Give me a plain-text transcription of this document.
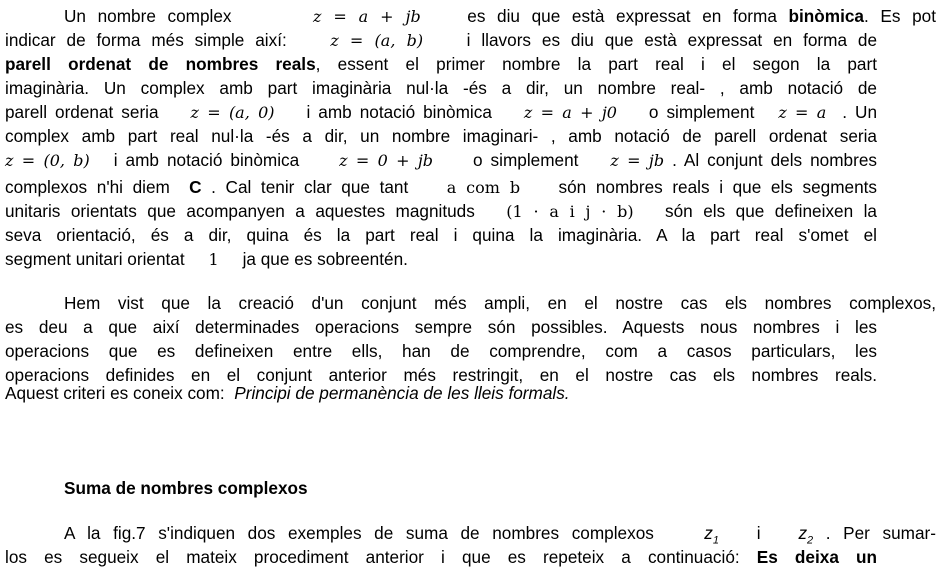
Un nombre complex	z = a + jb	es diu que està expressat en forma binòmica. Es pot
indicar de forma més simple així:	z = (a, b)	i llavors es diu que està expressat en forma de
parell ordenat de nombres reals, essent el primer nombre la part real i el segon la part
imaginària. Un complex amb part imaginària nul·la -és a dir, un nombre real- , amb notació de
parell ordenat seria z = (a, 0) i amb notació binòmica z = a + j0 o simplement z = a . Un
complex amb part real nul·la -és a dir, un nombre imaginari- , amb notació de parell ordenat seria
z = (0, b) i amb notació binòmica z = 0 + jb o simplement z = jb . Al conjunt dels nombres
complexos n'hi diem C . Cal tenir clar que tant a com b són nombres reals i que els segments
unitaris orientats que acompanyen a aquestes magnituds (1 · a i j · b) són els que defineixen la
seva orientació, és a dir, quina és la part real i quina la imaginària. A la part real s'omet el
segment unitari orientat 1 ja que es sobreentén.
Hem vist que la creació d'un conjunt més ampli, en el nostre cas els nombres complexos,
es deu a que així determinades operacions sempre són possibles. Aquests nous nombres i les
operacions que es defineixen entre ells, han de comprendre, com a casos particulars, les
operacions definides en el conjunt anterior més restringit, en el nostre cas els nombres reals.
Aquest criteri es coneix com: Principi de permanència de les lleis formals.
Suma de nombres complexos
A la fig.7 s'indiquen dos exemples de suma de nombres complexos	$z_1$ i $z_2$ . Per sumar-
los es segueix el mateix procediment anterior i que es repeteix a continuació: Es deixa un
